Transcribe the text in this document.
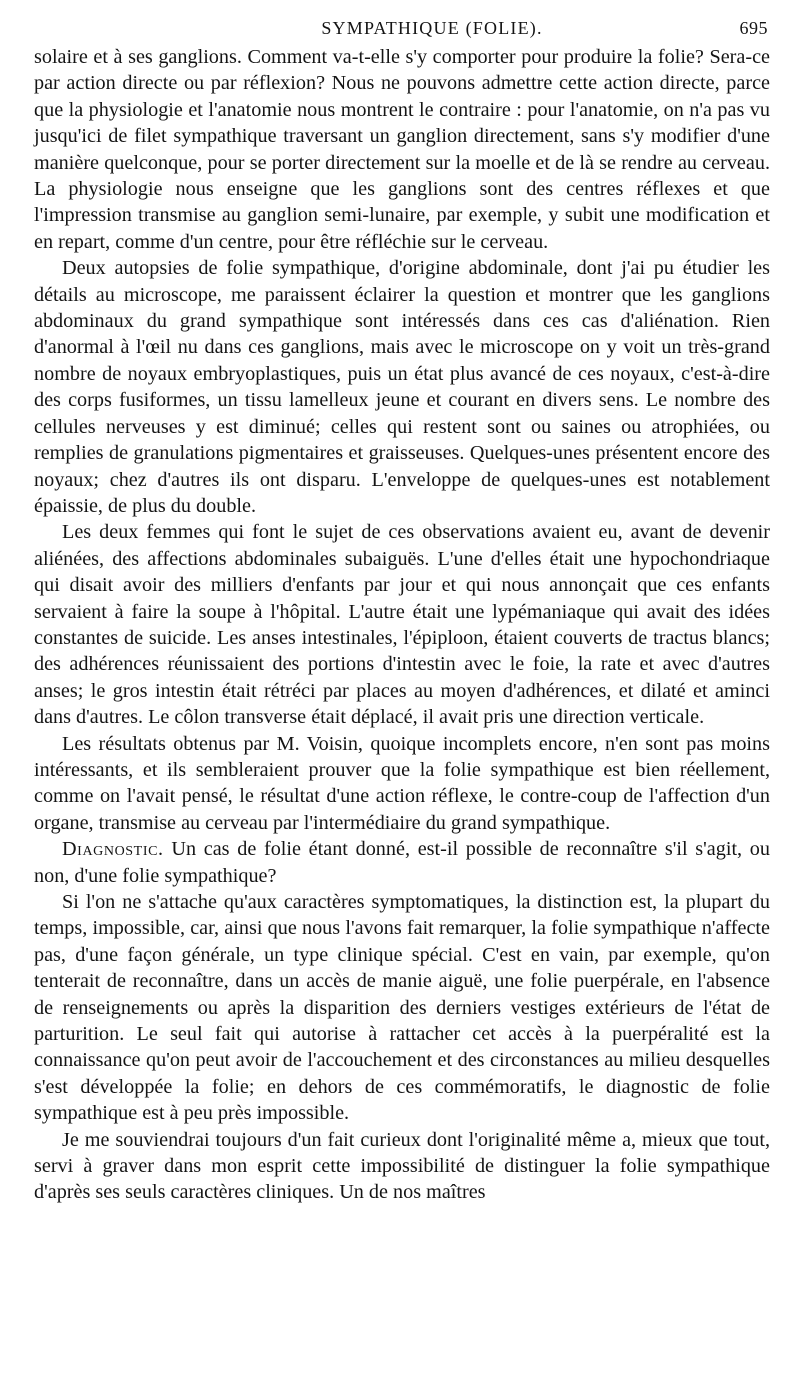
SYMPATHIQUE (FOLIE).	695

solaire et à ses ganglions. Comment va-t-elle s'y comporter pour produire la folie? Sera-ce par action directe ou par réflexion? Nous ne pouvons admettre cette action directe, parce que la physiologie et l'anatomie nous montrent le contraire : pour l'anatomie, on n'a pas vu jusqu'ici de filet sympathique traversant un ganglion directement, sans s'y modifier d'une manière quelconque, pour se porter directement sur la moelle et de là se rendre au cerveau. La physiologie nous enseigne que les ganglions sont des centres réflexes et que l'impression transmise au ganglion semi-lunaire, par exemple, y subit une modification et en repart, comme d'un centre, pour être réfléchie sur le cerveau.

Deux autopsies de folie sympathique, d'origine abdominale, dont j'ai pu étudier les détails au microscope, me paraissent éclairer la question et montrer que les ganglions abdominaux du grand sympathique sont intéressés dans ces cas d'aliénation. Rien d'anormal à l'œil nu dans ces ganglions, mais avec le microscope on y voit un très-grand nombre de noyaux embryoplastiques, puis un état plus avancé de ces noyaux, c'est-à-dire des corps fusiformes, un tissu lamelleux jeune et courant en divers sens. Le nombre des cellules nerveuses y est diminué; celles qui restent sont ou saines ou atrophiées, ou remplies de granulations pigmentaires et graisseuses. Quelques-unes présentent encore des noyaux; chez d'autres ils ont disparu. L'enveloppe de quelques-unes est notablement épaissie, de plus du double.

Les deux femmes qui font le sujet de ces observations avaient eu, avant de devenir aliénées, des affections abdominales subaiguës. L'une d'elles était une hypochondriaque qui disait avoir des milliers d'enfants par jour et qui nous annonçait que ces enfants servaient à faire la soupe à l'hôpital. L'autre était une lypémaniaque qui avait des idées constantes de suicide. Les anses intestinales, l'épiploon, étaient couverts de tractus blancs; des adhérences réunissaient des portions d'intestin avec le foie, la rate et avec d'autres anses; le gros intestin était rétréci par places au moyen d'adhérences, et dilaté et aminci dans d'autres. Le côlon transverse était déplacé, il avait pris une direction verticale.

Les résultats obtenus par M. Voisin, quoique incomplets encore, n'en sont pas moins intéressants, et ils sembleraient prouver que la folie sympathique est bien réellement, comme on l'avait pensé, le résultat d'une action réflexe, le contre-coup de l'affection d'un organe, transmise au cerveau par l'intermédiaire du grand sympathique.

Diagnostic. Un cas de folie étant donné, est-il possible de reconnaître s'il s'agit, ou non, d'une folie sympathique?

Si l'on ne s'attache qu'aux caractères symptomatiques, la distinction est, la plupart du temps, impossible, car, ainsi que nous l'avons fait remarquer, la folie sympathique n'affecte pas, d'une façon générale, un type clinique spécial. C'est en vain, par exemple, qu'on tenterait de reconnaître, dans un accès de manie aiguë, une folie puerpérale, en l'absence de renseignements ou après la disparition des derniers vestiges extérieurs de l'état de parturition. Le seul fait qui autorise à rattacher cet accès à la puerpéralité est la connaissance qu'on peut avoir de l'accouchement et des circonstances au milieu desquelles s'est développée la folie; en dehors de ces commémoratifs, le diagnostic de folie sympathique est à peu près impossible.

Je me souviendrai toujours d'un fait curieux dont l'originalité même a, mieux que tout, servi à graver dans mon esprit cette impossibilité de distinguer la folie sympathique d'après ses seuls caractères cliniques. Un de nos maîtres
